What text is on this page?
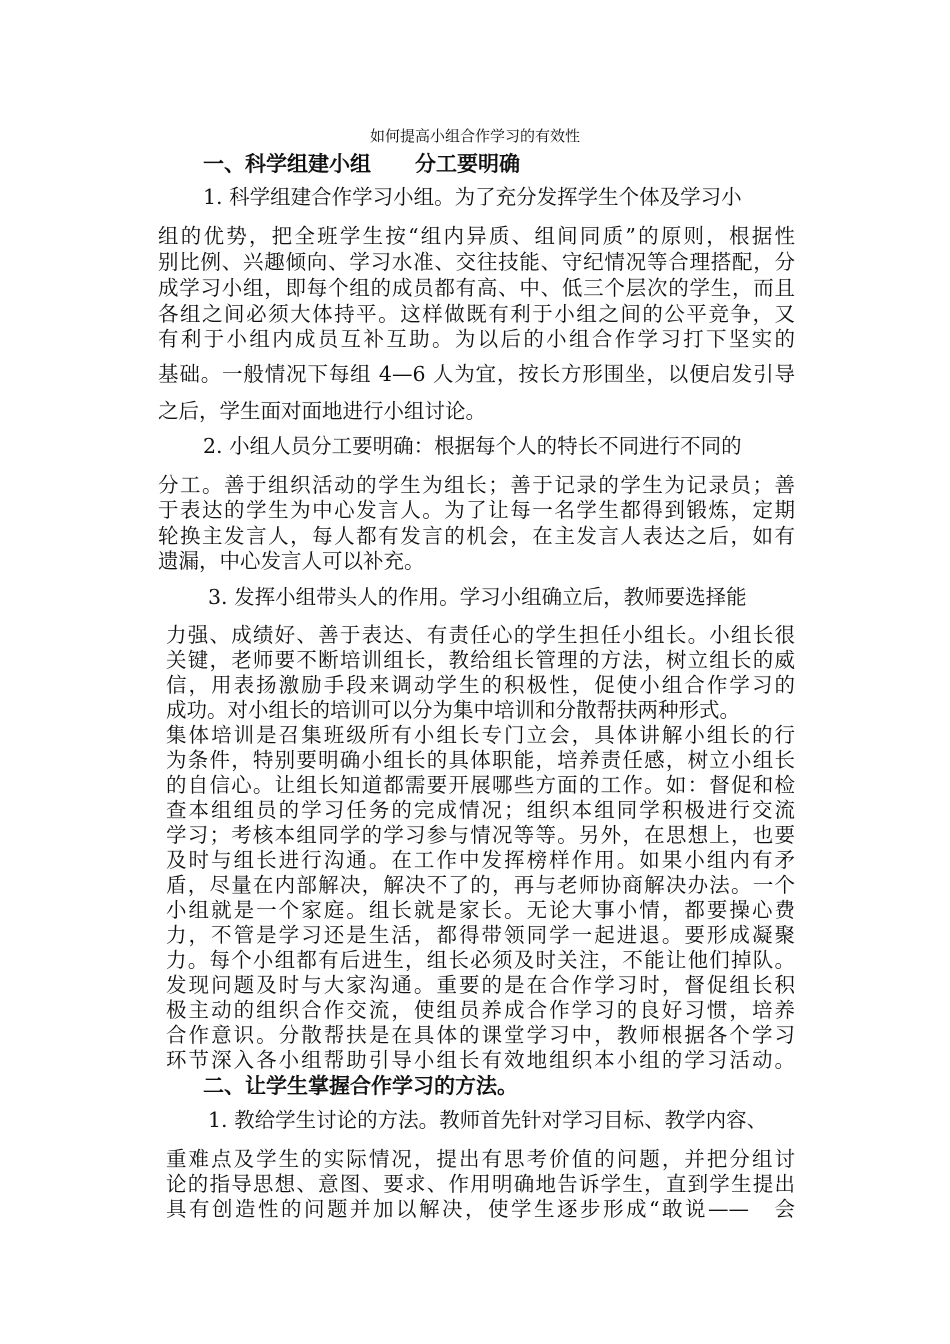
如何提高小组合作学习的有效性
一、科学组建小组 分工要明确
1. 科学组建合作学习小组。为了充分发挥学生个体及学习小
组的优势，把全班学生按“组内异质、组间同质”的原则，根据性
别比例、兴趣倾向、学习水准、交往技能、守纪情况等合理搭配，分
成学习小组，即每个组的成员都有高、中、低三个层次的学生，而且
各组之间必须大体持平。这样做既有利于小组之间的公平竞争，又
有利于小组内成员互补互助。为以后的小组合作学习打下坚实的
基础。一般情况下每组 4—6 人为宜，按长方形围坐，以便启发引导
之后，学生面对面地进行小组讨论。
2. 小组人员分工要明确：根据每个人的特长不同进行不同的
分工。善于组织活动的学生为组长；善于记录的学生为记录员；善
于表达的学生为中心发言人。为了让每一名学生都得到锻炼，定期
轮换主发言人，每人都有发言的机会，在主发言人表达之后，如有
遗漏，中心发言人可以补充。
3. 发挥小组带头人的作用。学习小组确立后，教师要选择能
力强、成绩好、善于表达、有责任心的学生担任小组长。小组长很
关键，老师要不断培训组长，教给组长管理的方法，树立组长的威
信，用表扬激励手段来调动学生的积极性，促使小组合作学习的
成功。对小组长的培训可以分为集中培训和分散帮扶两种形式。
集体培训是召集班级所有小组长专门立会，具体讲解小组长的行
为条件，特别要明确小组长的具体职能，培养责任感，树立小组长
的自信心。让组长知道都需要开展哪些方面的工作。如：督促和检
查本组组员的学习任务的完成情况；组织本组同学积极进行交流
学习；考核本组同学的学习参与情况等等。另外，在思想上，也要
及时与组长进行沟通。在工作中发挥榜样作用。如果小组内有矛
盾，尽量在内部解决，解决不了的，再与老师协商解决办法。一个
小组就是一个家庭。组长就是家长。无论大事小情，都要操心费
力，不管是学习还是生活，都得带领同学一起进退。要形成凝聚
力。每个小组都有后进生，组长必须及时关注，不能让他们掉队。
发现问题及时与大家沟通。重要的是在合作学习时，督促组长积
极主动的组织合作交流，使组员养成合作学习的良好习惯，培养
合作意识。分散帮扶是在具体的课堂学习中，教师根据各个学习
环节深入各小组帮助引导小组长有效地组织本小组的学习活动。
二、让学生掌握合作学习的方法。
1. 教给学生讨论的方法。教师首先针对学习目标、教学内容、
重难点及学生的实际情况，提出有思考价值的问题，并把分组讨
论的指导思想、意图、要求、作用明确地告诉学生，直到学生提出
具有创造性的问题并加以解决，使学生逐步形成“敢说——　会
